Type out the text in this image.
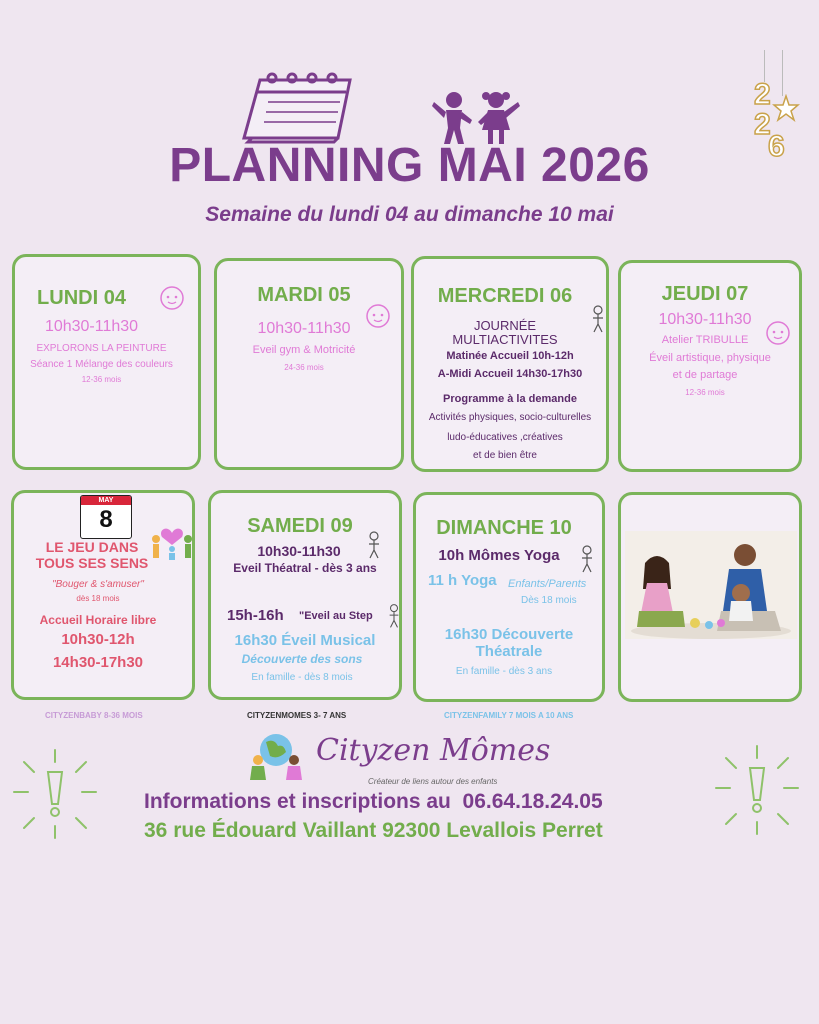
2
2
6
PLANNING MAI 2026
Semaine du lundi 04 au dimanche 10 mai
LUNDI 04
10h30-11h30
EXPLORONS LA PEINTURE
Séance 1 Mélange des couleurs
12-36 mois
MARDI 05
10h30-11h30
Eveil gym & Motricité
24-36 mois
MERCREDI 06
JOURNÉE
MULTIACTIVITES
Matinée Accueil 10h-12h
A-Midi Accueil 14h30-17h30
Programme à la demande
Activités physiques, socio-culturelles
ludo-éducatives ,créatives
et de bien être
JEUDI 07
10h30-11h30
Atelier TRIBULLE
Éveil artistique, physique
et de partage
12-36 mois
MAY
8
LE JEU DANS
TOUS SES SENS
"Bouger & s'amuser"
dès 18 mois
Accueil Horaire libre
10h30-12h
14h30-17h30
SAMEDI 09
10h30-11h30
Eveil Théatral - dès 3 ans
15h-16h "Eveil au Step
16h30 Éveil Musical
Découverte des sons
En famille - dès 8 mois
DIMANCHE 10
10h Mômes Yoga
11 h Yoga Enfants/Parents
Dès 18 mois
16h30 Découverte
Théatrale
En famille - dès 3 ans
CITYZENBABY 8-36 MOIS	CITYZENMOMES 3- 7 ANS	CITYZENFAMILY 7 MOIS A 10 ANS
Cityzen Mômes
Créateur de liens autour des enfants
Informations et inscriptions au  06.64.18.24.05
36 rue Édouard Vaillant 92300 Levallois Perret
